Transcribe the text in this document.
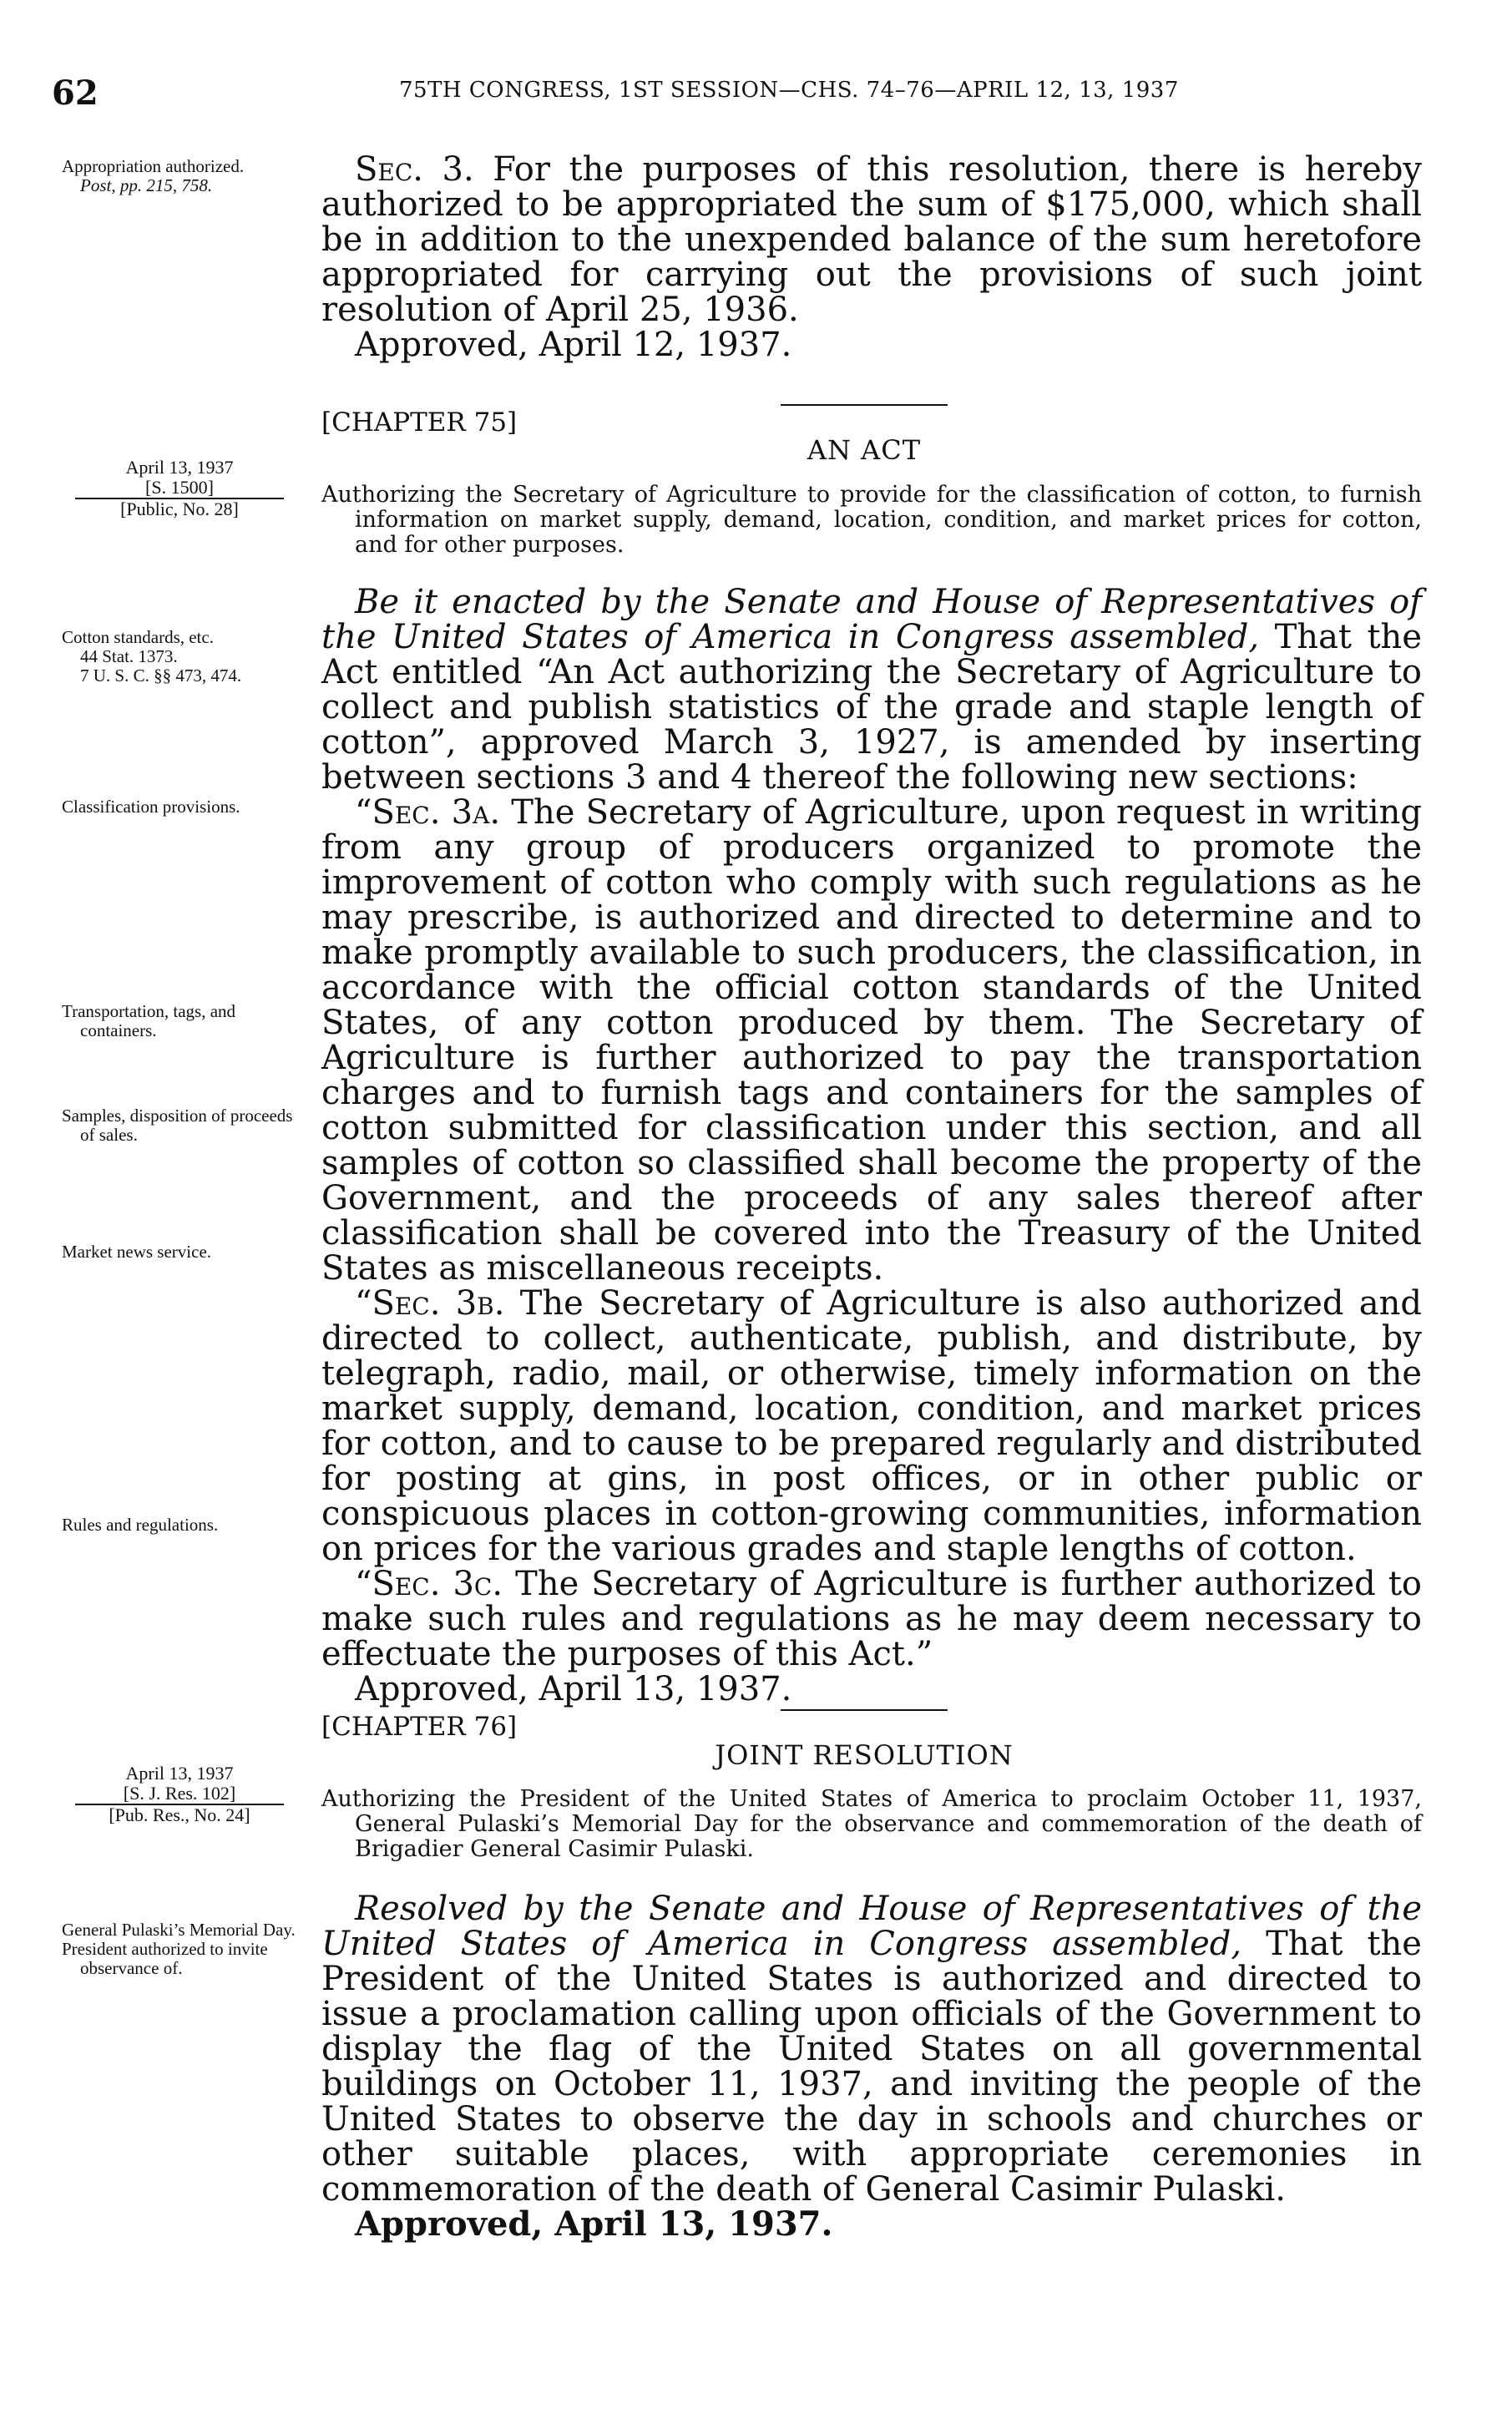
62	75TH CONGRESS, 1ST SESSION—CHS. 74–76—APRIL 12, 13, 1937
Appropriation authorized.
Post, pp. 215, 758.	Sec. 3. For the purposes of this resolution, there is hereby authorized to be appropriated the sum of $175,000, which shall be in addition to the unexpended balance of the sum heretofore appropriated for carrying out the provisions of such joint resolution of April 25, 1936.

Approved, April 12, 1937.

[CHAPTER 75]
AN ACT
April 13, 1937
[S. 1500]
[Public, No. 28]
Authorizing the Secretary of Agriculture to provide for the classification of cotton, to furnish information on market supply, demand, location, condition, and market prices for cotton, and for other purposes.
Cotton standards, etc.
44 Stat. 1373.
7 U. S. C. §§ 473, 474.
Classification provisions.
Transportation, tags, and containers.
Samples, disposition of proceeds of sales.
Market news service.
Rules and regulations.

Be it enacted by the Senate and House of Representatives of the United States of America in Congress assembled, That the Act entitled “An Act authorizing the Secretary of Agriculture to collect and publish statistics of the grade and staple length of cotton”, approved March 3, 1927, is amended by inserting between sections 3 and 4 thereof the following new sections:

“Sec. 3a. The Secretary of Agriculture, upon request in writing from any group of producers organized to promote the improvement of cotton who comply with such regulations as he may prescribe, is authorized and directed to determine and to make promptly available to such producers, the classification, in accordance with the official cotton standards of the United States, of any cotton produced by them. The Secretary of Agriculture is further authorized to pay the transportation charges and to furnish tags and containers for the samples of cotton submitted for classification under this section, and all samples of cotton so classified shall become the property of the Government, and the proceeds of any sales thereof after classification shall be covered into the Treasury of the United States as miscellaneous receipts.

“Sec. 3b. The Secretary of Agriculture is also authorized and directed to collect, authenticate, publish, and distribute, by telegraph, radio, mail, or otherwise, timely information on the market supply, demand, location, condition, and market prices for cotton, and to cause to be prepared regularly and distributed for posting at gins, in post offices, or in other public or conspicuous places in cotton-growing communities, information on prices for the various grades and staple lengths of cotton.

“Sec. 3c. The Secretary of Agriculture is further authorized to make such rules and regulations as he may deem necessary to effectuate the purposes of this Act.”

Approved, April 13, 1937.

[CHAPTER 76]
JOINT RESOLUTION
April 13, 1937
[S. J. Res. 102]
[Pub. Res., No. 24]
Authorizing the President of the United States of America to proclaim October 11, 1937, General Pulaski’s Memorial Day for the observance and commemoration of the death of Brigadier General Casimir Pulaski.
General Pulaski’s Memorial Day.
President authorized to invite observance of.

Resolved by the Senate and House of Representatives of the United States of America in Congress assembled, That the President of the United States is authorized and directed to issue a proclamation calling upon officials of the Government to display the flag of the United States on all governmental buildings on October 11, 1937, and inviting the people of the United States to observe the day in schools and churches or other suitable places, with appropriate ceremonies in commemoration of the death of General Casimir Pulaski.

Approved, April 13, 1937.
